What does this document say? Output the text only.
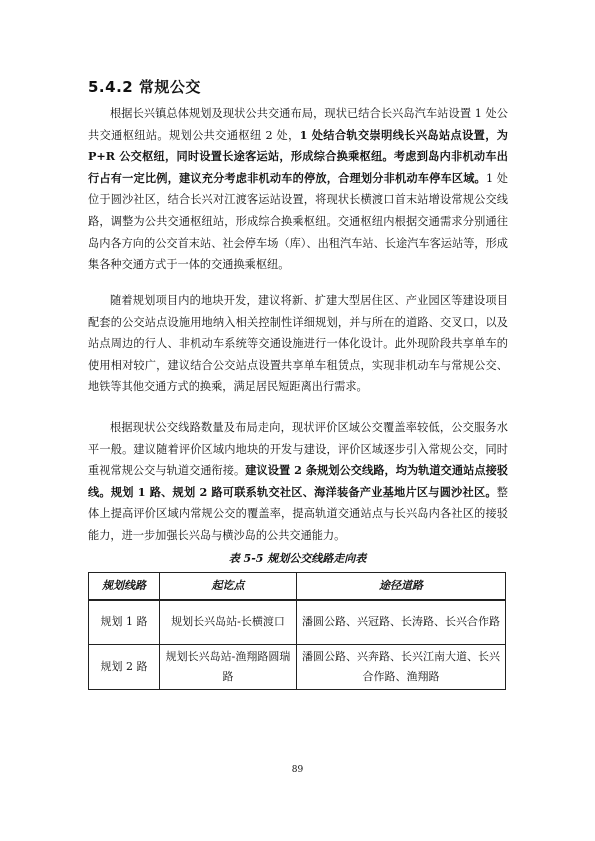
5.4.2 常规公交

根据长兴镇总体规划及现状公共交通布局，现状已结合长兴岛汽车站设置 1 处公共交通枢纽站。规划公共交通枢纽 2 处，1 处结合轨交崇明线长兴岛站点设置，为 P+R 公交枢纽，同时设置长途客运站，形成综合换乘枢纽。考虑到岛内非机动车出行占有一定比例，建议充分考虑非机动车的停放，合理划分非机动车停车区域。1 处位于圆沙社区，结合长兴对江渡客运站设置，将现状长横渡口首末站增设常规公交线路，调整为公共交通枢纽站，形成综合换乘枢纽。交通枢纽内根据交通需求分别通往岛内各方向的公交首末站、社会停车场（库）、出租汽车站、长途汽车客运站等，形成集各种交通方式于一体的交通换乘枢纽。

随着规划项目内的地块开发，建议将新、扩建大型居住区、产业园区等建设项目配套的公交站点设施用地纳入相关控制性详细规划，并与所在的道路、交叉口，以及站点周边的行人、非机动车系统等交通设施进行一体化设计。此外现阶段共享单车的使用相对较广，建议结合公交站点设置共享单车租赁点，实现非机动车与常规公交、地铁等其他交通方式的换乘，满足居民短距离出行需求。

根据现状公交线路数量及布局走向，现状评价区域公交覆盖率较低，公交服务水平一般。建议随着评价区域内地块的开发与建设，评价区域逐步引入常规公交，同时重视常规公交与轨道交通衔接。建议设置 2 条规划公交线路，均为轨道交通站点接驳线。规划 1 路、规划 2 路可联系轨交社区、海洋装备产业基地片区与圆沙社区。整体上提高评价区域内常规公交的覆盖率，提高轨道交通站点与长兴岛内各社区的接驳能力，进一步加强长兴岛与横沙岛的公共交通能力。

表 5-5 规划公交线路走向表
规划线路	起讫点	途径道路
规划 1 路	规划长兴岛站-长横渡口	潘圆公路、兴冠路、长涛路、长兴合作路
规划 2 路	规划长兴岛站-渔翔路圆瑞路	潘圆公路、兴奔路、长兴江南大道、长兴合作路、渔翔路
89
